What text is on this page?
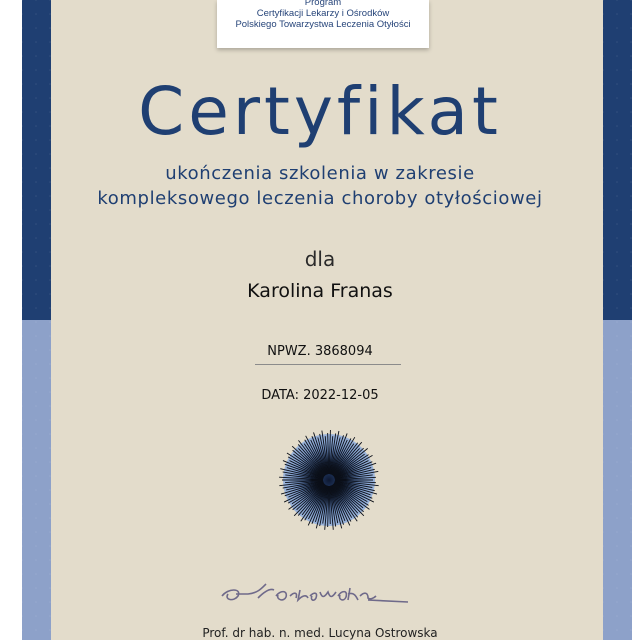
Program
Certyfikacji Lekarzy i Ośrodków
Polskiego Towarzystwa Leczenia Otyłości
Certyfikat
ukończenia szkolenia w zakresie
kompleksowego leczenia choroby otyłościowej
dla
Karolina Franas
NPWZ. 3868094
DATA: 2022-12-05
Prof. dr hab. n. med. Lucyna Ostrowska
